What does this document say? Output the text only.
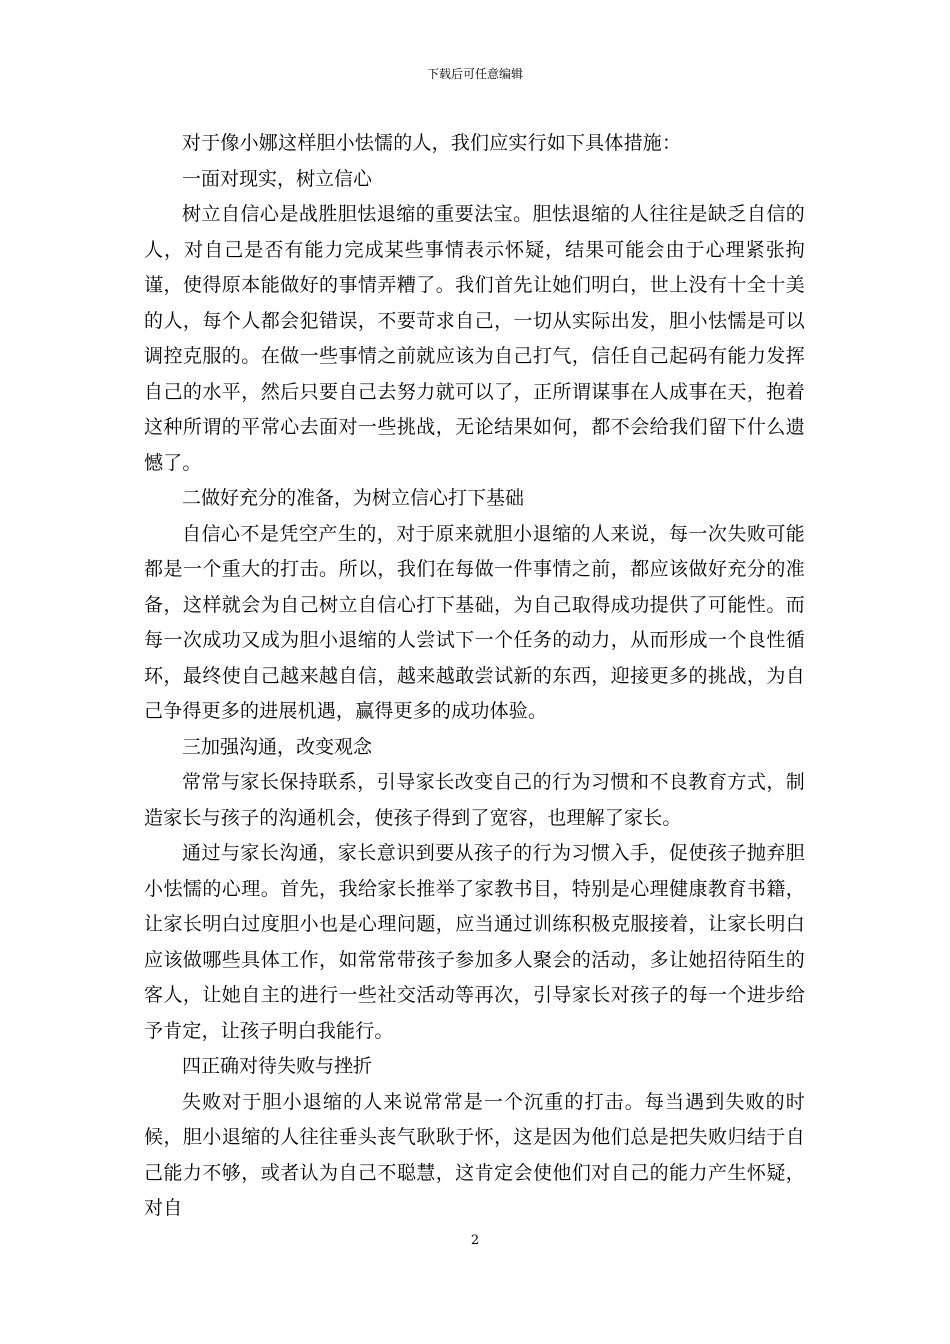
下载后可任意编辑

对于像小娜这样胆小怯懦的人，我们应实行如下具体措施：

一面对现实，树立信心

树立自信心是战胜胆怯退缩的重要法宝。胆怯退缩的人往往是缺乏自信的人，对自己是否有能力完成某些事情表示怀疑，结果可能会由于心理紧张拘谨，使得原本能做好的事情弄糟了。我们首先让她们明白，世上没有十全十美的人，每个人都会犯错误，不要苛求自己，一切从实际出发，胆小怯懦是可以调控克服的。在做一些事情之前就应该为自己打气，信任自己起码有能力发挥自己的水平，然后只要自己去努力就可以了，正所谓谋事在人成事在天，抱着这种所谓的平常心去面对一些挑战，无论结果如何，都不会给我们留下什么遗憾了。

二做好充分的准备，为树立信心打下基础

自信心不是凭空产生的，对于原来就胆小退缩的人来说，每一次失败可能都是一个重大的打击。所以，我们在每做一件事情之前，都应该做好充分的准备，这样就会为自己树立自信心打下基础，为自己取得成功提供了可能性。而每一次成功又成为胆小退缩的人尝试下一个任务的动力，从而形成一个良性循环，最终使自己越来越自信，越来越敢尝试新的东西，迎接更多的挑战，为自己争得更多的进展机遇，赢得更多的成功体验。

三加强沟通，改变观念

常常与家长保持联系，引导家长改变自己的行为习惯和不良教育方式，制造家长与孩子的沟通机会，使孩子得到了宽容，也理解了家长。

通过与家长沟通，家长意识到要从孩子的行为习惯入手，促使孩子抛弃胆小怯懦的心理。首先，我给家长推举了家教书目，特别是心理健康教育书籍，让家长明白过度胆小也是心理问题，应当通过训练积极克服接着，让家长明白应该做哪些具体工作，如常常带孩子参加多人聚会的活动，多让她招待陌生的客人，让她自主的进行一些社交活动等再次，引导家长对孩子的每一个进步给予肯定，让孩子明白我能行。

四正确对待失败与挫折

失败对于胆小退缩的人来说常常是一个沉重的打击。每当遇到失败的时候，胆小退缩的人往往垂头丧气耿耿于怀，这是因为他们总是把失败归结于自己能力不够，或者认为自己不聪慧，这肯定会使他们对自己的能力产生怀疑，对自

2
